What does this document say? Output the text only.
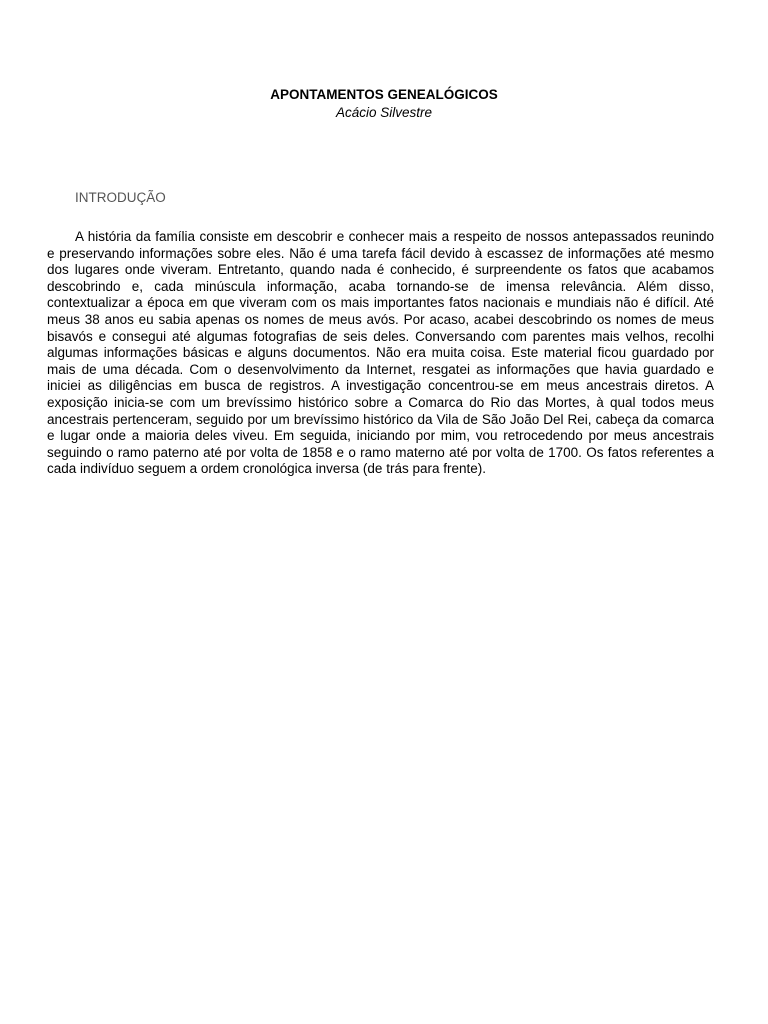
APONTAMENTOS GENEALÓGICOS

Acácio Silvestre

INTRODUÇÃO

A história da família consiste em descobrir e conhecer mais a respeito de nossos antepassados reunindo e preservando informações sobre eles. Não é uma tarefa fácil devido à escassez de informações até mesmo dos lugares onde viveram. Entretanto, quando nada é conhecido, é surpreendente os fatos que acabamos descobrindo e, cada minúscula informação, acaba tornando-se de imensa relevância. Além disso, contextualizar a época em que viveram com os mais importantes fatos nacionais e mundiais não é difícil. Até meus 38 anos eu sabia apenas os nomes de meus avós. Por acaso, acabei descobrindo os nomes de meus bisavós e consegui até algumas fotografias de seis deles. Conversando com parentes mais velhos, recolhi algumas informações básicas e alguns documentos. Não era muita coisa. Este material ficou guardado por mais de uma década. Com o desenvolvimento da Internet, resgatei as informações que havia guardado e iniciei as diligências em busca de registros. A investigação concentrou-se em meus ancestrais diretos. A exposição inicia-se com um brevíssimo histórico sobre a Comarca do Rio das Mortes, à qual todos meus ancestrais pertenceram, seguido por um brevíssimo histórico da Vila de São João Del Rei, cabeça da comarca e lugar onde a maioria deles viveu. Em seguida, iniciando por mim, vou retrocedendo por meus ancestrais seguindo o ramo paterno até por volta de 1858 e o ramo materno até por volta de 1700. Os fatos referentes a cada indivíduo seguem a ordem cronológica inversa (de trás para frente).
